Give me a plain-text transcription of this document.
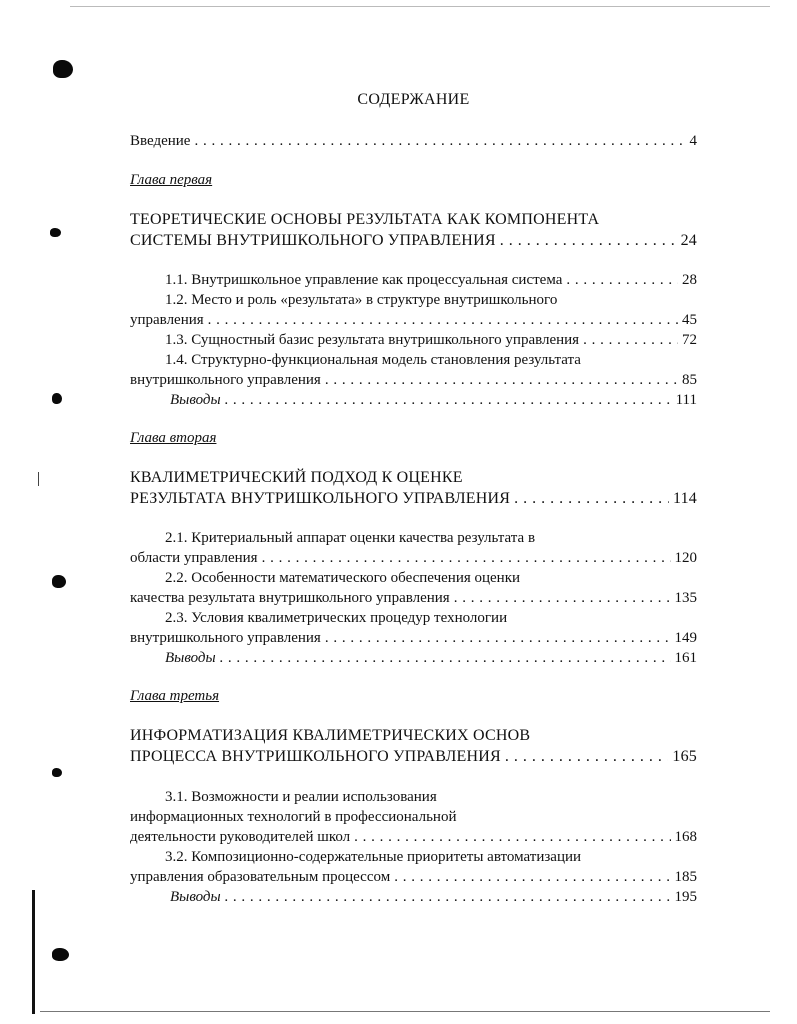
СОДЕРЖАНИЕ
Введение . . .	4
Глава первая
ТЕОРЕТИЧЕСКИЕ ОСНОВЫ РЕЗУЛЬТАТА КАК КОМПОНЕНТА
СИСТЕМЫ ВНУТРИШКОЛЬНОГО УПРАВЛЕНИЯ . . .	24
1.1. Внутришкольное управление как процессуальная система . . .	28
1.2. Место и роль «результата» в структуре внутришкольного
управления . . .	45
1.3. Сущностный базис результата внутришкольного управления . . .	72
1.4. Структурно-функциональная модель становления результата
внутришкольного управления . . .	85
Выводы . . .	111
Глава вторая
КВАЛИМЕТРИЧЕСКИЙ ПОДХОД К ОЦЕНКЕ
РЕЗУЛЬТАТА ВНУТРИШКОЛЬНОГО УПРАВЛЕНИЯ . . .	114
2.1. Критериальный аппарат оценки качества результата в
области управления . . .	120
2.2. Особенности математического обеспечения оценки
качества результата внутришкольного управления . . .	135
2.3. Условия квалиметрических процедур технологии
внутришкольного управления . . .	149
Выводы . . .	161
Глава третья
ИНФОРМАТИЗАЦИЯ КВАЛИМЕТРИЧЕСКИХ ОСНОВ
ПРОЦЕССА ВНУТРИШКОЛЬНОГО УПРАВЛЕНИЯ . . .	165
3.1. Возможности и реалии использования
информационных технологий в профессиональной
деятельности руководителей школ . . .	168
3.2. Композиционно-содержательные приоритеты автоматизации
управления образовательным процессом . . .	185
Выводы . . .	195
